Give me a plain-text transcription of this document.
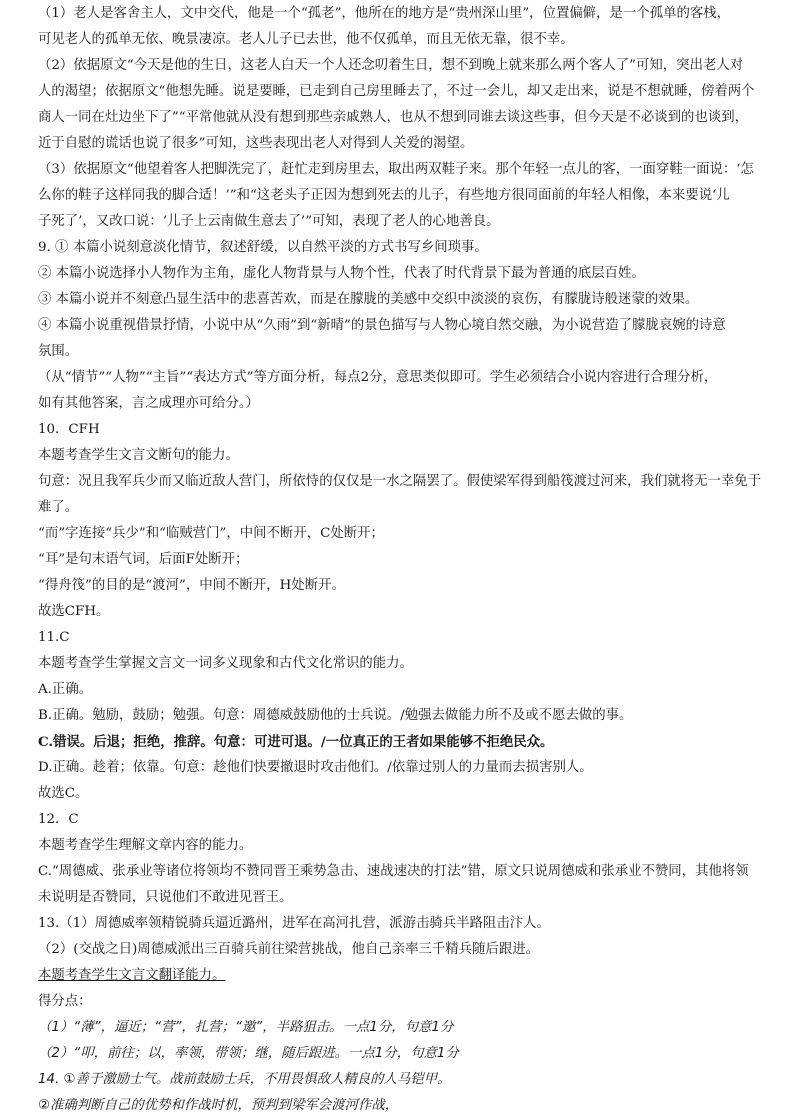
（1）老人是客舍主人，文中交代，他是一个“孤老”，他所在的地方是“贵州深山里”，位置偏僻，是一个孤单的客栈，
可见老人的孤单无依、晚景凄凉。老人儿子已去世，他不仅孤单，而且无依无靠，很不幸。
（2）依据原文“今天是他的生日，这老人白天一个人还念叨着生日，想不到晚上就来那么两个客人了”可知，突出老人对
人的渴望；依据原文“他想先睡。说是要睡，已走到自己房里睡去了，不过一会儿，却又走出来，说是不想就睡，傍着两个
商人一同在灶边坐下了”“平常他就从没有想到那些亲戚熟人，也从不想到同谁去谈这些事，但今天是不必谈到的也谈到，
近于自慰的谎话也说了很多”可知，这些表现出老人对得到人关爱的渴望。
（3）依据原文“他望着客人把脚洗完了，赶忙走到房里去，取出两双鞋子来。那个年轻一点儿的客，一面穿鞋一面说：‘怎
么你的鞋子这样同我的脚合适！’”和“这老头子正因为想到死去的儿子，有些地方很同面前的年轻人相像，本来要说‘儿
子死了’，又改口说：‘儿子上云南做生意去了’”可知，表现了老人的心地善良。
9. ① 本篇小说刻意淡化情节，叙述舒缓，以自然平淡的方式书写乡间琐事。
② 本篇小说选择小人物作为主角，虚化人物背景与人物个性，代表了时代背景下最为普通的底层百姓。
③ 本篇小说并不刻意凸显生活中的悲喜苦欢，而是在朦胧的美感中交织中淡淡的哀伤，有朦胧诗般迷蒙的效果。
④ 本篇小说重视借景抒情，小说中从“久雨”到“新晴”的景色描写与人物心境自然交融，为小说营造了朦胧哀婉的诗意
氛围。
（从“情节”“人物”“主旨”“表达方式”等方面分析，每点2分，意思类似即可。学生必须结合小说内容进行合理分析，
如有其他答案，言之成理亦可给分。）
10．CFH
本题考查学生文言文断句的能力。
句意：况且我军兵少而又临近敌人营门，所依恃的仅仅是一水之隔罢了。假使梁军得到船筏渡过河来，我们就将无一幸免于
难了。
“而”字连接“兵少”和“临贼营门”，中间不断开，C处断开；
“耳”是句末语气词，后面F处断开；
“得舟筏”的目的是“渡河”，中间不断开，H处断开。
故选CFH。
11.C
本题考查学生掌握文言文一词多义现象和古代文化常识的能力。
A.正确。
B.正确。勉励，鼓励；勉强。句意：周德威鼓励他的士兵说。/勉强去做能力所不及或不愿去做的事。
C.错误。后退；拒绝，推辞。句意：可进可退。/一位真正的王者如果能够不拒绝民众。
D.正确。趁着；依靠。句意：趁他们快要撤退时攻击他们。/依靠过别人的力量而去损害别人。
故选C。
12．C
本题考查学生理解文章内容的能力。
C.“周德威、张承业等诸位将领均不赞同晋王乘势急击、速战速决的打法”错，原文只说周德威和张承业不赞同，其他将领
未说明是否赞同，只说他们不敢进见晋王。
13.（1）周德威率领精锐骑兵逼近潞州，进军在高河扎营，派游击骑兵半路阻击汴人。
（2）(交战之日)周德威派出三百骑兵前往梁营挑战，他自己亲率三千精兵随后跟进。
本题考查学生文言文翻译能力。
得分点：
（1）“薄”，逼近；“营”，扎营；“邀”，半路狙击。一点1分，句意1分
（2）“叩，前往；以，率领，带领；继，随后跟进。一点1分，句意1分
14. ①善于激励士气。战前鼓励士兵，不用畏惧敌人精良的人马铠甲。
②准确判断自己的优势和作战时机，预判到梁军会渡河作战，
